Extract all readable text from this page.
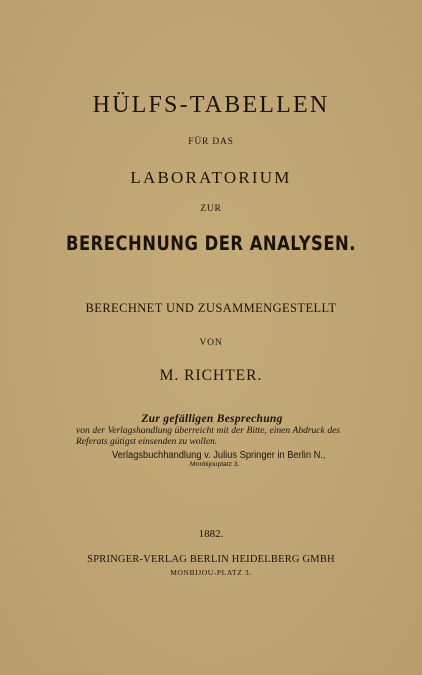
HÜLFS-TABELLEN
FÜR DAS
LABORATORIUM
ZUR
BERECHNUNG DER ANALYSEN.
BERECHNET UND ZUSAMMENGESTELLT
VON
M. RICHTER.
Zur gefälligen Besprechung
von der Verlagshandlung überreicht mit der Bitte, einen Abdruck des Referats gütigst einsenden zu wollen.
Verlagsbuchhandlung v. Julius Springer in Berlin N.,
Monbijouplatz 3.
1882.
SPRINGER-VERLAG BERLIN HEIDELBERG GMBH
MONBIJOU-PLATZ 3.
